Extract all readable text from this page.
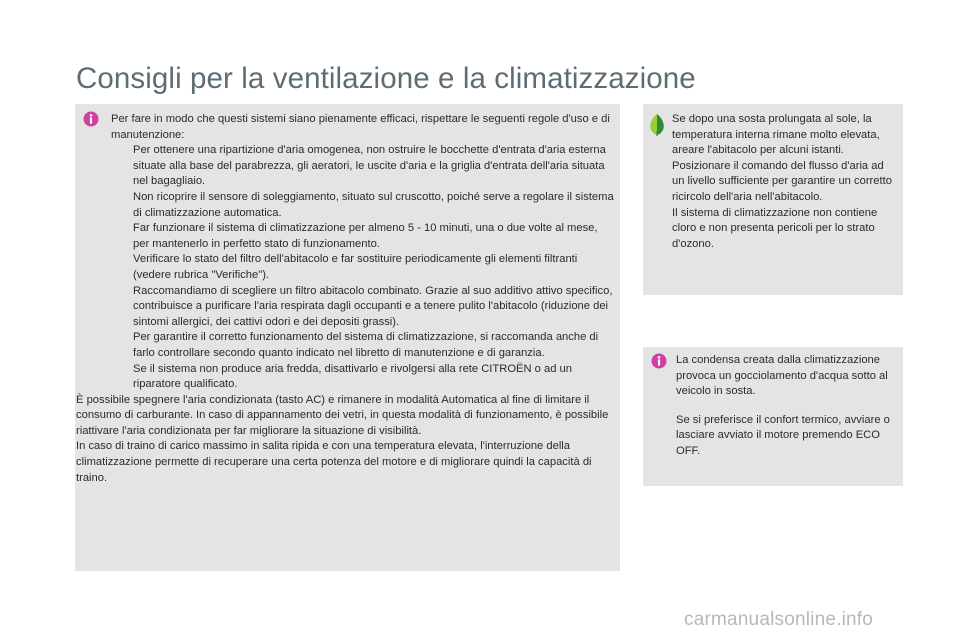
Consigli per la ventilazione e la climatizzazione

Per fare in modo che questi sistemi siano pienamente efficaci, rispettare le seguenti regole d'uso e di manutenzione:

Per ottenere una ripartizione d'aria omogenea, non ostruire le bocchette d'entrata d'aria esterna situate alla base del parabrezza, gli aeratori, le uscite d'aria e la griglia d'entrata dell'aria situata nel bagagliaio.
Non ricoprire il sensore di soleggiamento, situato sul cruscotto, poiché serve a regolare il sistema di climatizzazione automatica.
Far funzionare il sistema di climatizzazione per almeno 5 - 10 minuti, una o due volte al mese, per mantenerlo in perfetto stato di funzionamento.
Verificare lo stato del filtro dell'abitacolo e far sostituire periodicamente gli elementi filtranti (vedere rubrica "Verifiche").
Raccomandiamo di scegliere un filtro abitacolo combinato. Grazie al suo additivo attivo specifico, contribuisce a purificare l'aria respirata dagli occupanti e a tenere pulito l'abitacolo (riduzione dei sintomi allergici, dei cattivi odori e dei depositi grassi).
Per garantire il corretto funzionamento del sistema di climatizzazione, si raccomanda anche di farlo controllare secondo quanto indicato nel libretto di manutenzione e di garanzia.
Se il sistema non produce aria fredda, disattivarlo e rivolgersi alla rete CITROËN o ad un riparatore qualificato.

È possibile spegnere l'aria condizionata (tasto AC) e rimanere in modalità Automatica al fine di limitare il consumo di carburante. In caso di appannamento dei vetri, in questa modalità di funzionamento, è possibile riattivare l'aria condizionata per far migliorare la situazione di visibilità.

In caso di traino di carico massimo in salita ripida e con una temperatura elevata, l'interruzione della climatizzazione permette di recuperare una certa potenza del motore e di migliorare quindi la capacità di traino.

Se dopo una sosta prolungata al sole, la temperatura interna rimane molto elevata, areare l'abitacolo per alcuni istanti.

Posizionare il comando del flusso d'aria ad un livello sufficiente per garantire un corretto ricircolo dell'aria nell'abitacolo.

Il sistema di climatizzazione non contiene cloro e non presenta pericoli per lo strato d'ozono.

La condensa creata dalla climatizzazione provoca un gocciolamento d'acqua sotto al veicolo in sosta.

Se si preferisce il confort termico, avviare o lasciare avviato il motore premendo ECO OFF.

carmanualsonline.info
